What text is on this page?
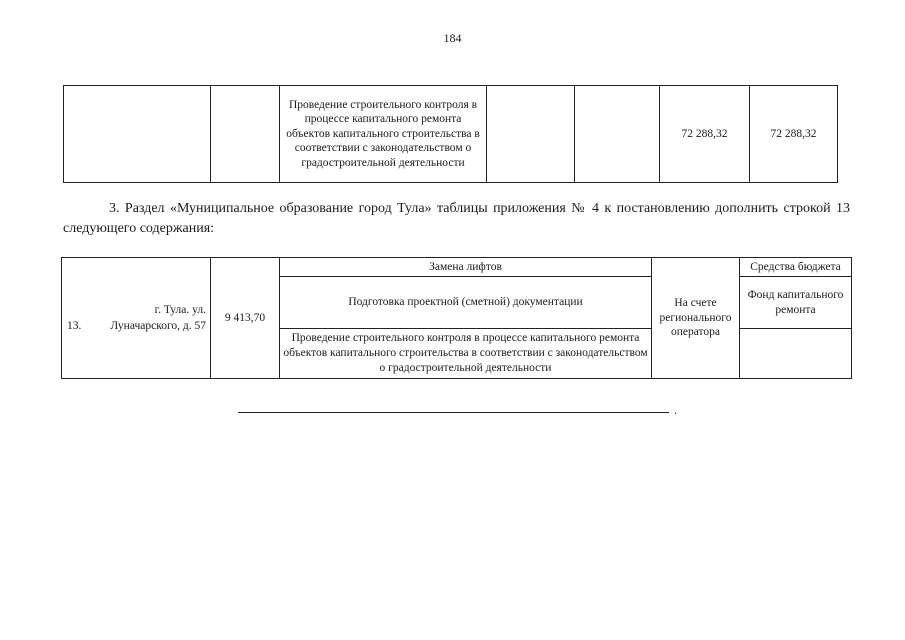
184
		Проведение строительного контроля в процессе капитального ремонта объектов капитального строительства в соответствии с законодательством о градостроительной деятельности			72 288,32	72 288,32
3. Раздел «Муниципальное образование город Тула» таблицы приложения № 4 к постановлению дополнить строкой 13 следующего содержания:
г. Тула. ул.
13. Луначарского, д. 57	9 413,70	Замена лифтов	На счете регионального оператора	Средства бюджета
		Подготовка проектной (сметной) документации		Фонд капитального ремонта
		Проведение строительного контроля в процессе капитального ремонта объектов капитального строительства в соответствии с законодательством о градостроительной деятельности		
.
